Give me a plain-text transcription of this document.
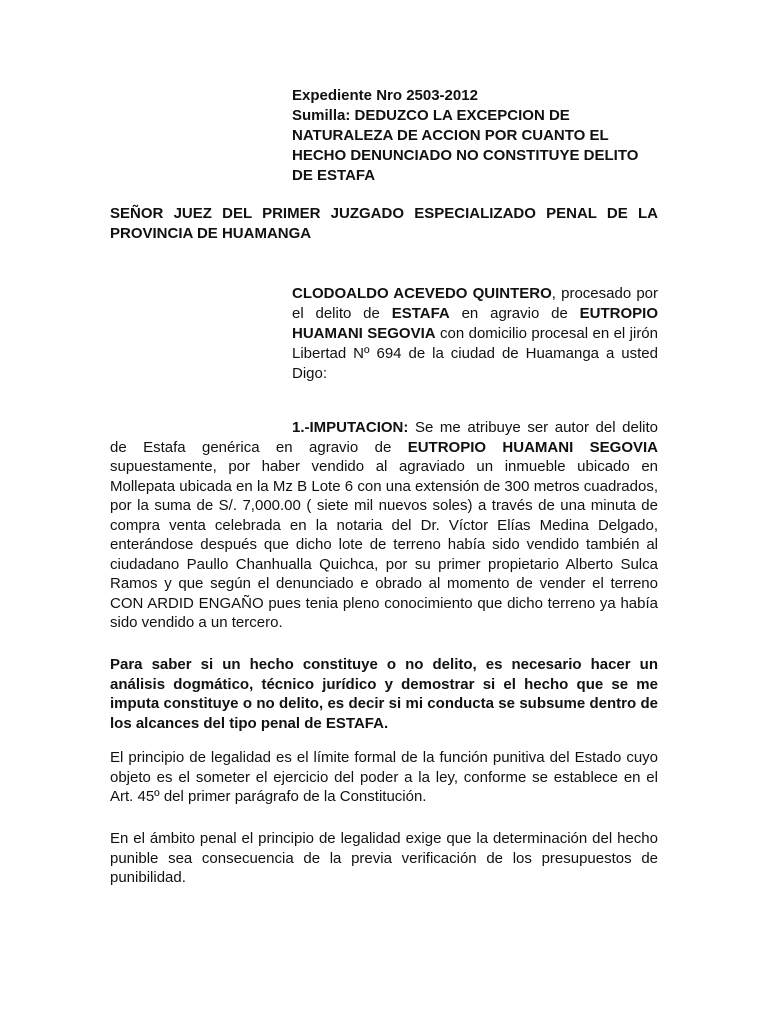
Expediente Nro 2503-2012
Sumilla: DEDUZCO LA EXCEPCION DE
NATURALEZA DE ACCION POR CUANTO EL
HECHO DENUNCIADO NO CONSTITUYE DELITO
DE ESTAFA
SEÑOR JUEZ DEL PRIMER JUZGADO ESPECIALIZADO PENAL DE LA PROVINCIA DE HUAMANGA
CLODOALDO ACEVEDO QUINTERO, procesado por el delito de ESTAFA en agravio de EUTROPIO HUAMANI SEGOVIA con domicilio procesal en el jirón Libertad Nº 694 de la ciudad de Huamanga a usted Digo:
1.-IMPUTACION: Se me atribuye ser autor del delito de Estafa genérica en agravio de EUTROPIO HUAMANI SEGOVIA supuestamente, por haber vendido al agraviado un inmueble ubicado en Mollepata ubicada en la Mz B Lote 6 con una extensión de 300 metros cuadrados, por la suma de S/. 7,000.00 ( siete mil nuevos soles) a través de una minuta de compra venta celebrada en la notaria del Dr. Víctor Elías Medina Delgado, enterándose después que dicho lote de terreno había sido vendido también al ciudadano Paullo Chanhualla Quichca, por su primer propietario Alberto Sulca Ramos y que según el denunciado e obrado al momento de vender el terreno CON ARDID ENGAÑO pues tenia pleno conocimiento que dicho terreno ya había sido vendido a un tercero.
Para saber si un hecho constituye o no delito, es necesario hacer un análisis dogmático, técnico jurídico y demostrar si el hecho que se me imputa constituye o no delito, es decir si mi conducta se subsume dentro de los alcances del tipo penal de ESTAFA.
El principio de legalidad es el límite formal de la función punitiva del Estado cuyo objeto es el someter el ejercicio del poder a la ley, conforme se establece en el Art. 45º del primer parágrafo de la Constitución.
En el ámbito penal el principio de legalidad exige que la determinación del hecho punible sea consecuencia de la previa verificación de los presupuestos de punibilidad.
